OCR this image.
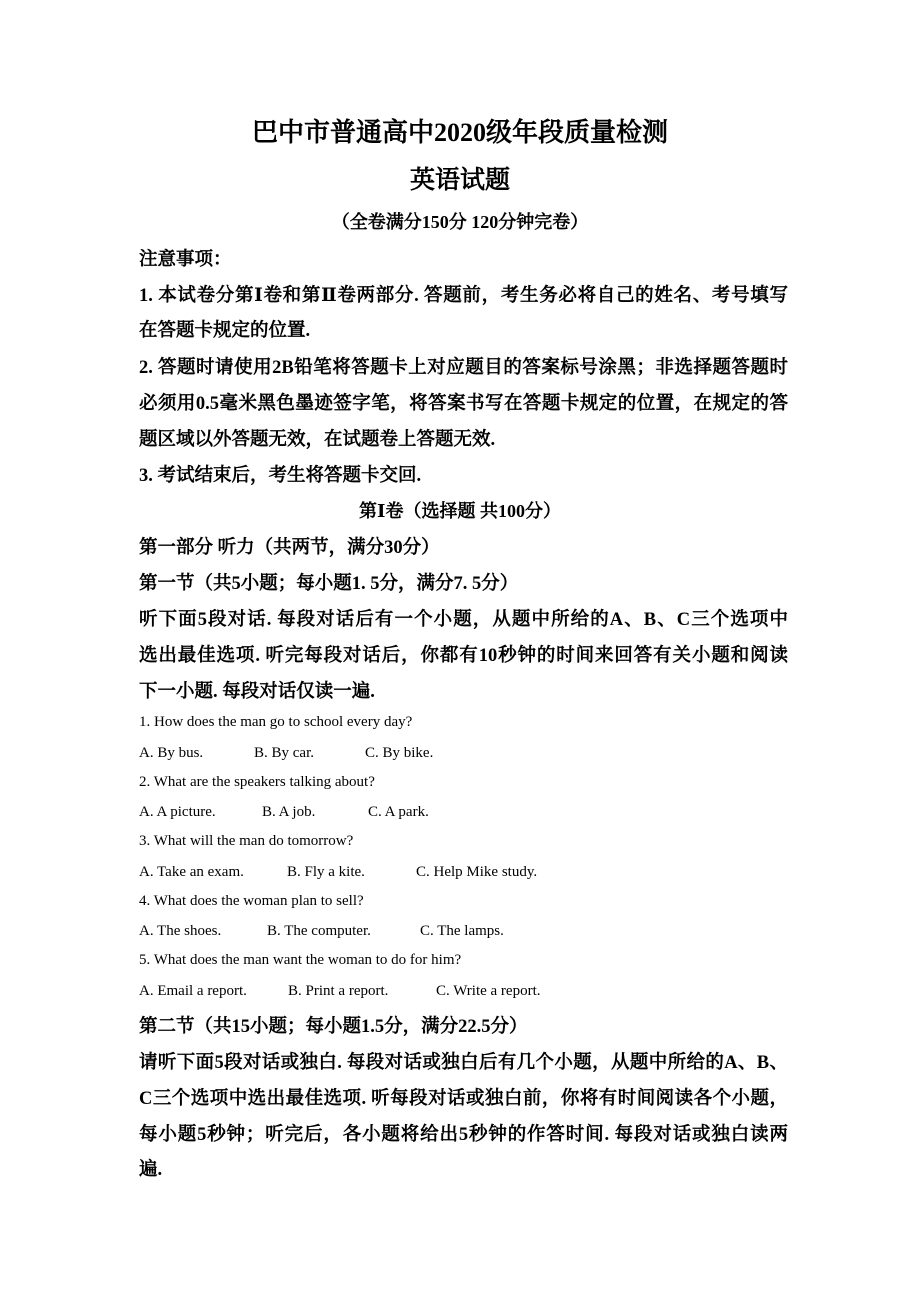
巴中市普通高中2020级年段质量检测
英语试题
（全卷满分150分 120分钟完卷）
注意事项：
1. 本试卷分第Ⅰ卷和第Ⅱ卷两部分. 答题前，考生务必将自己的姓名、考号填写
在答题卡规定的位置.
2. 答题时请使用2B铅笔将答题卡上对应题目的答案标号涂黑；非选择题答题时
必须用0.5毫米黑色墨迹签字笔，将答案书写在答题卡规定的位置，在规定的答
题区域以外答题无效，在试题卷上答题无效.
3. 考试结束后，考生将答题卡交回.
第Ⅰ卷（选择题 共100分）
第一部分 听力（共两节，满分30分）
第一节（共5小题；每小题1. 5分，满分7. 5分）
听下面5段对话. 每段对话后有一个小题，从题中所给的A、B、C三个选项中
选出最佳选项. 听完每段对话后，你都有10秒钟的时间来回答有关小题和阅读
下一小题. 每段对话仅读一遍.
1. How does the man go to school every day?
A. By bus.	B. By car.	C. By bike.
2. What are the speakers talking about?
A. A picture.	B. A job.	C. A park.
3. What will the man do tomorrow?
A. Take an exam.	B. Fly a kite.	C. Help Mike study.
4. What does the woman plan to sell?
A. The shoes.	B. The computer.	C. The lamps.
5. What does the man want the woman to do for him?
A. Email a report.	B. Print a report.	C. Write a report.
第二节（共15小题；每小题1.5分，满分22.5分）
请听下面5段对话或独白. 每段对话或独白后有几个小题，从题中所给的A、B、
C三个选项中选出最佳选项. 听每段对话或独白前，你将有时间阅读各个小题，
每小题5秒钟；听完后，各小题将给出5秒钟的作答时间. 每段对话或独白读两
遍.
